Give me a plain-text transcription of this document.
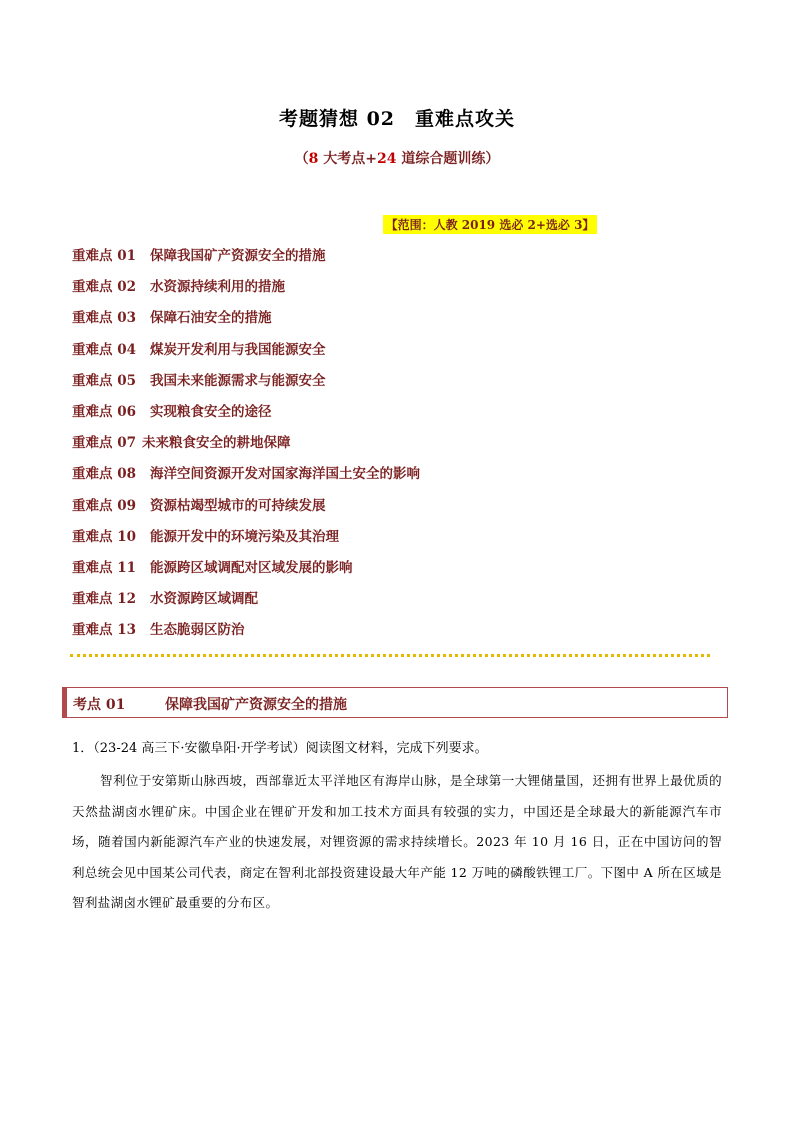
考题猜想 02　重难点攻关
（8 大考点+24 道综合题训练）
【范围：人教 2019 选必 2+选必 3】
重难点 01 保障我国矿产资源安全的措施
重难点 02 水资源持续利用的措施
重难点 03 保障石油安全的措施
重难点 04 煤炭开发利用与我国能源安全
重难点 05 我国未来能源需求与能源安全
重难点 06 实现粮食安全的途径
重难点 07 未来粮食安全的耕地保障
重难点 08 海洋空间资源开发对国家海洋国土安全的影响
重难点 09 资源枯竭型城市的可持续发展
重难点 10 能源开发中的环境污染及其治理
重难点 11 能源跨区域调配对区域发展的影响
重难点 12 水资源跨区域调配
重难点 13 生态脆弱区防治
考点 01	保障我国矿产资源安全的措施
1．（23-24 高三下·安徽阜阳·开学考试）阅读图文材料，完成下列要求。

智利位于安第斯山脉西坡，西部靠近太平洋地区有海岸山脉，是全球第一大锂储量国，还拥有世界上最优质的天然盐湖卤水锂矿床。中国企业在锂矿开发和加工技术方面具有较强的实力，中国还是全球最大的新能源汽车市场，随着国内新能源汽车产业的快速发展，对锂资源的需求持续增长。2023 年 10 月 16 日，正在中国访问的智利总统会见中国某公司代表，商定在智利北部投资建设最大年产能 12 万吨的磷酸铁锂工厂。下图中 A 所在区域是智利盐湖卤水锂矿最重要的分布区。
